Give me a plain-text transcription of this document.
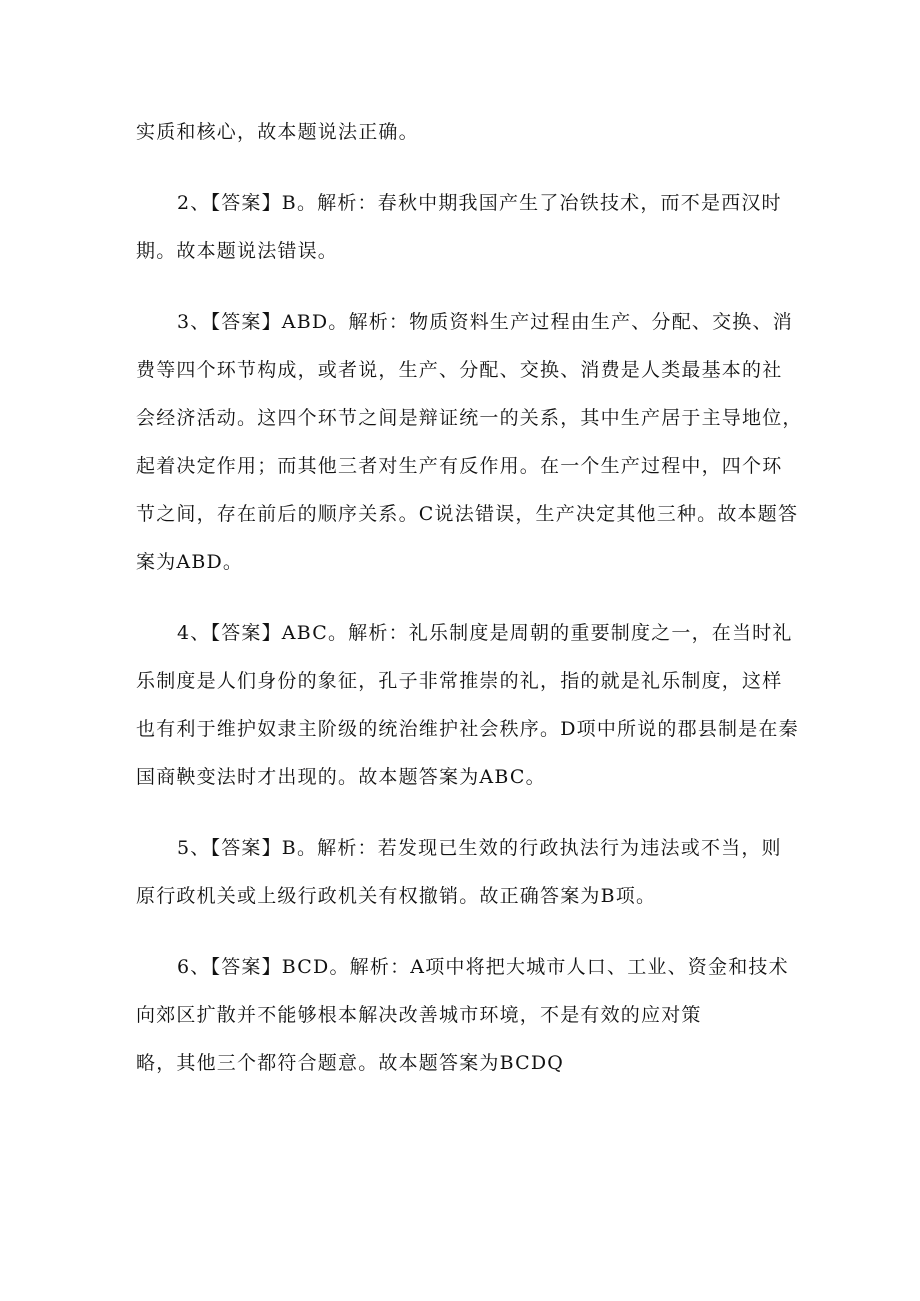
实质和核心，故本题说法正确。
2、【答案】B。解析：春秋中期我国产生了冶铁技术，而不是西汉时
期。故本题说法错误。
3、【答案】ABD。解析：物质资料生产过程由生产、分配、交换、消
费等四个环节构成，或者说，生产、分配、交换、消费是人类最基本的社
会经济活动。这四个环节之间是辩证统一的关系，其中生产居于主导地位，
起着决定作用；而其他三者对生产有反作用。在一个生产过程中，四个环
节之间，存在前后的顺序关系。C说法错误，生产决定其他三种。故本题答
案为ABD。
4、【答案】ABC。解析：礼乐制度是周朝的重要制度之一，在当时礼
乐制度是人们身份的象征，孔子非常推崇的礼，指的就是礼乐制度，这样
也有利于维护奴隶主阶级的统治维护社会秩序。D项中所说的郡县制是在秦
国商鞅变法时才出现的。故本题答案为ABC。
5、【答案】B。解析：若发现已生效的行政执法行为违法或不当，则
原行政机关或上级行政机关有权撤销。故正确答案为B项。
6、【答案】BCD。解析：A项中将把大城市人口、工业、资金和技术
向郊区扩散并不能够根本解决改善城市环境，不是有效的应对策
略，其他三个都符合题意。故本题答案为BCDQ
